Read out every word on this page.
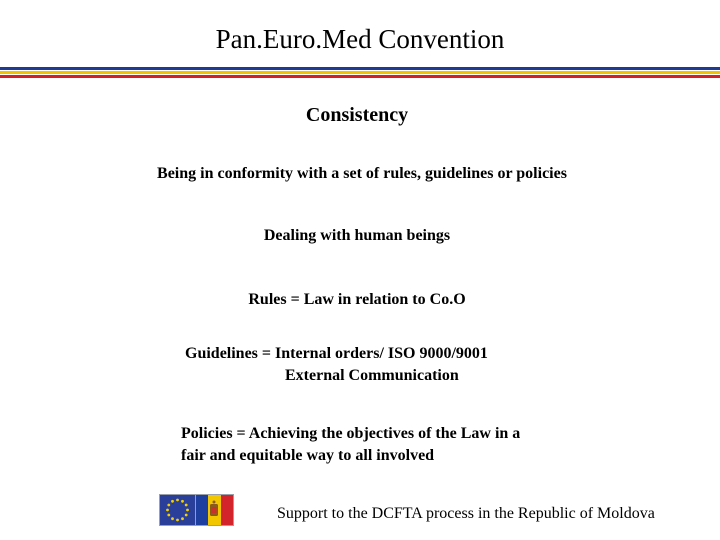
Pan.Euro.Med Convention
Consistency
Being in conformity with a set of rules, guidelines or policies
Dealing with human beings
Rules = Law in relation to Co.O
Guidelines = Internal orders/ ISO 9000/9001
External Communication
Policies = Achieving the objectives of the Law in a
fair and equitable way to all involved
Support to the DCFTA process in the Republic of Moldova
